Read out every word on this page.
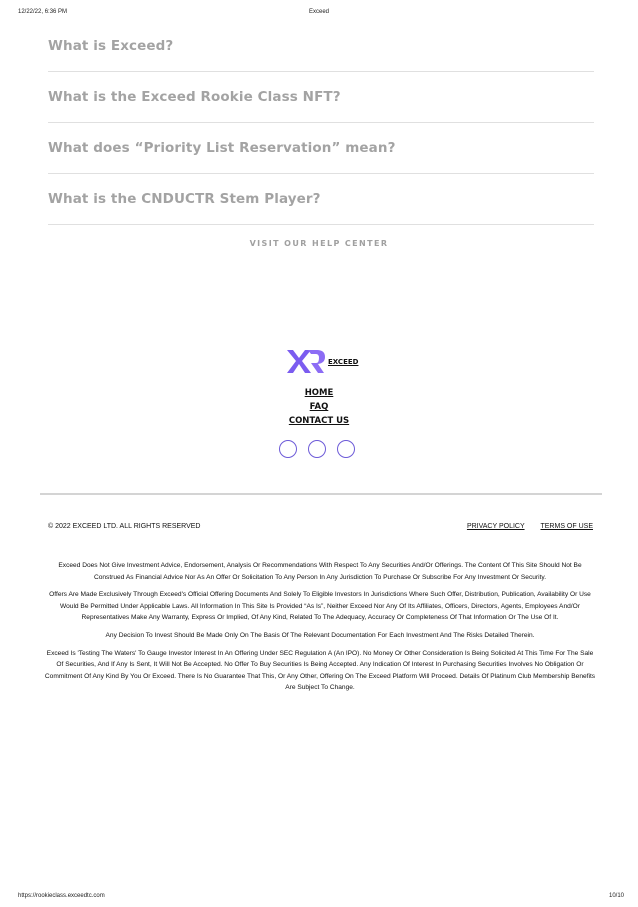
12/22/22, 6:36 PM	Exceed
What is Exceed?
What is the Exceed Rookie Class NFT?
What does “Priority List Reservation” mean?
What is the CNDUCTR Stem Player?
VISIT OUR HELP CENTER
EXCEED
HOME
FAQ
CONTACT US
© 2022 EXCEED LTD. ALL RIGHTS RESERVED	PRIVACY POLICY TERMS OF USE

Exceed Does Not Give Investment Advice, Endorsement, Analysis Or Recommendations With Respect To Any Securities And/Or Offerings. The Content Of This Site Should Not Be Construed As Financial Advice Nor As An Offer Or Solicitation To Any Person In Any Jurisdiction To Purchase Or Subscribe For Any Investment Or Security.

Offers Are Made Exclusively Through Exceed's Official Offering Documents And Solely To Eligible Investors In Jurisdictions Where Such Offer, Distribution, Publication, Availability Or Use Would Be Permitted Under Applicable Laws. All Information In This Site Is Provided “As Is”, Neither Exceed Nor Any Of Its Affiliates, Officers, Directors, Agents, Employees And/Or Representatives Make Any Warranty, Express Or Implied, Of Any Kind, Related To The Adequacy, Accuracy Or Completeness Of That Information Or The Use Of It.

Any Decision To Invest Should Be Made Only On The Basis Of The Relevant Documentation For Each Investment And The Risks Detailed Therein.

Exceed Is 'Testing The Waters' To Gauge Investor Interest In An Offering Under SEC Regulation A (An IPO). No Money Or Other Consideration Is Being Solicited At This Time For The Sale Of Securities, And If Any Is Sent, It Will Not Be Accepted. No Offer To Buy Securities Is Being Accepted. Any Indication Of Interest In Purchasing Securities Involves No Obligation Or Commitment Of Any Kind By You Or Exceed. There Is No Guarantee That This, Or Any Other, Offering On The Exceed Platform Will Proceed. Details Of Platinum Club Membership Benefits Are Subject To Change.

https://rookieclass.exceedtc.com	10/10
